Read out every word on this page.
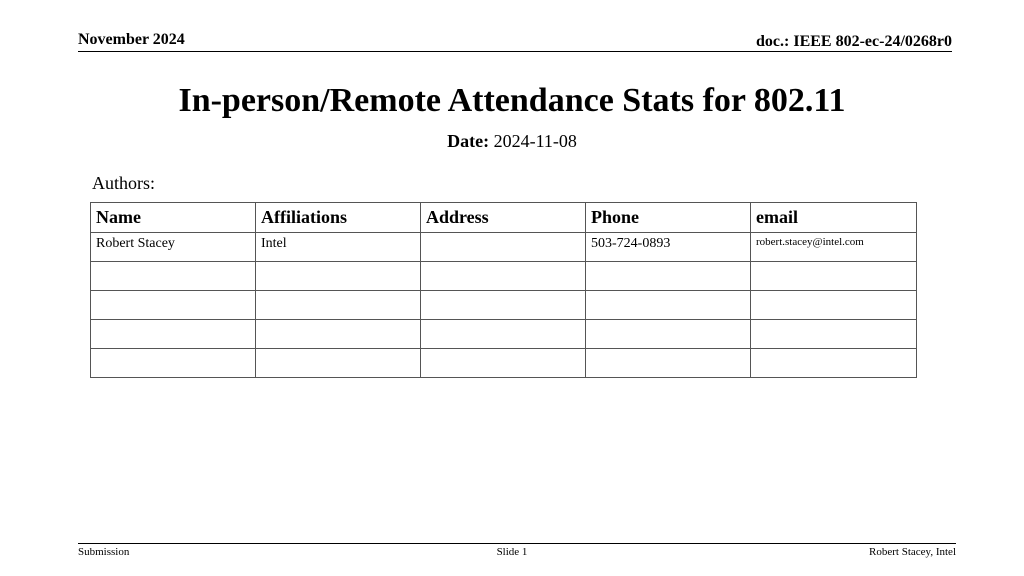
November 2024	doc.: IEEE 802-ec-24/0268r0
In-person/Remote Attendance Stats for 802.11
Date: 2024-11-08
Authors:
Name	Affiliations	Address	Phone	email
Robert Stacey	Intel		503-724-0893	robert.stacey@intel.com

Submission	Slide 1	Robert Stacey, Intel
